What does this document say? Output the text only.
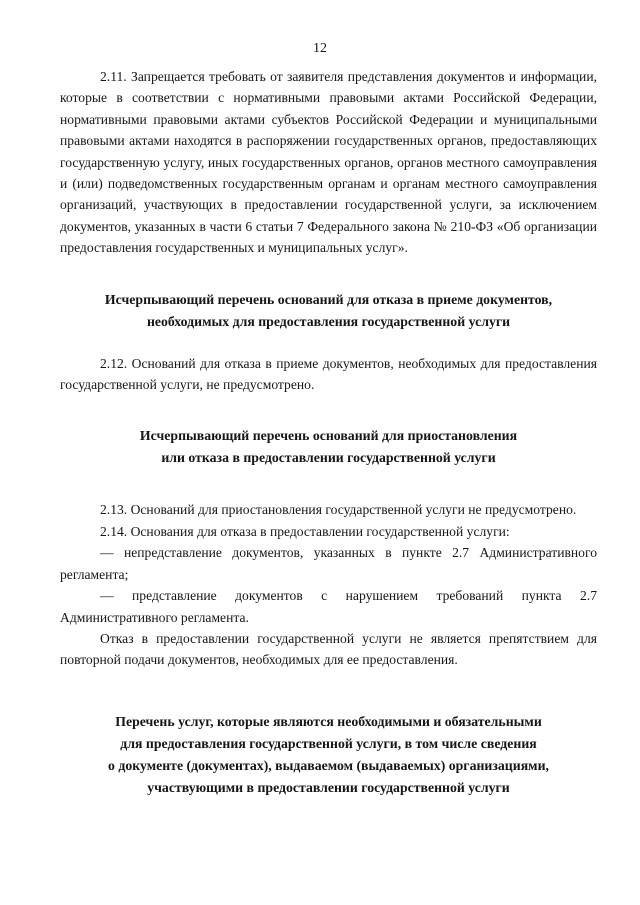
12

2.11. Запрещается требовать от заявителя представления документов и информации, которые в соответствии с нормативными правовыми актами Российской Федерации, нормативными правовыми актами субъектов Российской Федерации и муниципальными правовыми актами находятся в распоряжении государственных органов, предоставляющих государственную услугу, иных государственных органов, органов местного самоуправления и (или) подведомственных государственным органам и органам местного самоуправления организаций, участвующих в предоставлении государственной услуги, за исключением документов, указанных в части 6 статьи 7 Федерального закона № 210-ФЗ «Об организации предоставления государственных и муниципальных услуг».

Исчерпывающий перечень оснований для отказа в приеме документов,

необходимых для предоставления государственной услуги

2.12. Оснований для отказа в приеме документов, необходимых для предоставления государственной услуги, не предусмотрено.

Исчерпывающий перечень оснований для приостановления

или отказа в предоставлении государственной услуги

2.13. Оснований для приостановления государственной услуги не предусмотрено.

2.14. Основания для отказа в предоставлении государственной услуги:

— непредставление документов, указанных в пункте 2.7 Административного регламента;

— представление документов с нарушением требований пункта 2.7 Административного регламента.

Отказ в предоставлении государственной услуги не является препятствием для повторной подачи документов, необходимых для ее предоставления.

Перечень услуг, которые являются необходимыми и обязательными

для предоставления государственной услуги, в том числе сведения

о документе (документах), выдаваемом (выдаваемых) организациями,

участвующими в предоставлении государственной услуги
